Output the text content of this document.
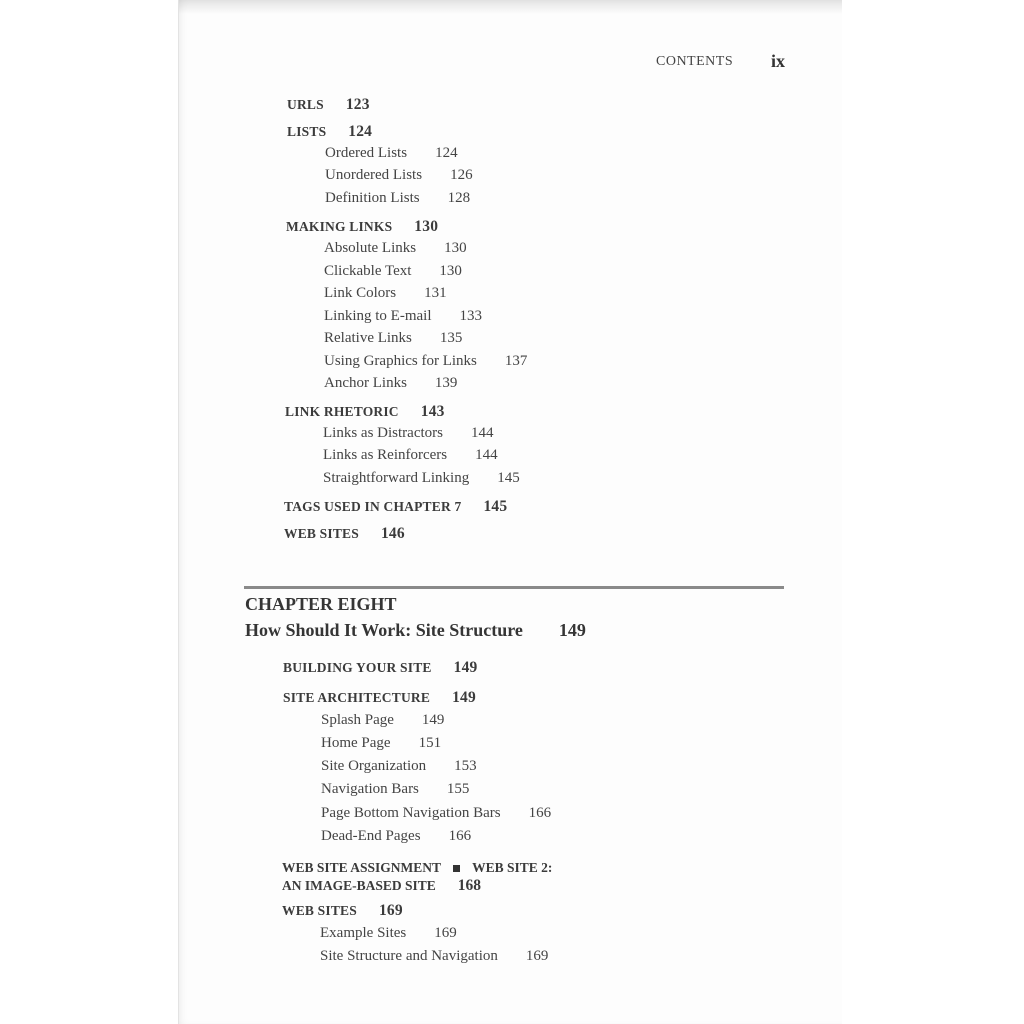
CONTENTS ix
URLS 123
LISTS 124
Ordered Lists 124
Unordered Lists 126
Definition Lists 128
MAKING LINKS 130
Absolute Links 130
Clickable Text 130
Link Colors 131
Linking to E-mail 133
Relative Links 135
Using Graphics for Links 137
Anchor Links 139
LINK RHETORIC 143
Links as Distractors 144
Links as Reinforcers 144
Straightforward Linking 145
TAGS USED IN CHAPTER 7 145
WEB SITES 146
CHAPTER EIGHT
How Should It Work: Site Structure 149
BUILDING YOUR SITE 149
SITE ARCHITECTURE 149
Splash Page 149
Home Page 151
Site Organization 153
Navigation Bars 155
Page Bottom Navigation Bars 166
Dead-End Pages 166
WEB SITE ASSIGNMENT WEB SITE 2:
AN IMAGE-BASED SITE 168
WEB SITES 169
Example Sites 169
Site Structure and Navigation 169
